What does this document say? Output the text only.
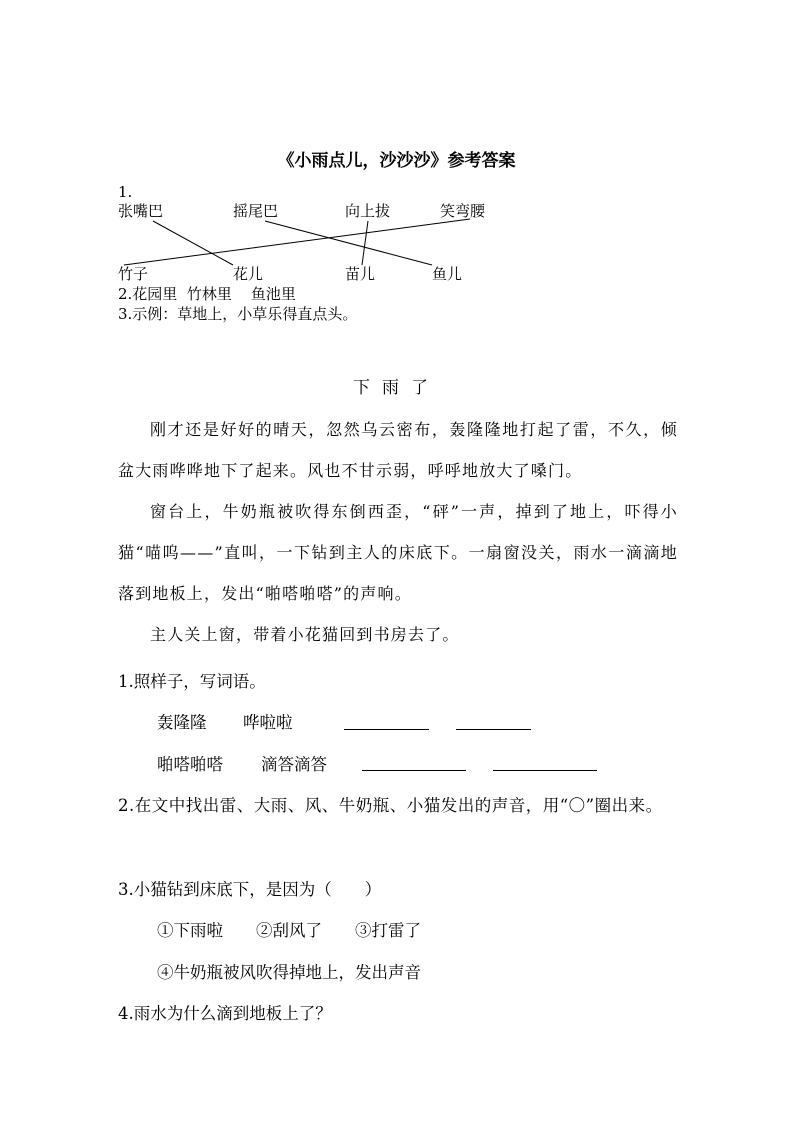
《小雨点儿，沙沙沙》参考答案
1.
张嘴巴	摇尾巴	向上拔	笑弯腰
竹子	花儿	苗儿	鱼儿
2.花园里  竹林里    鱼池里
3.示例：草地上，小草乐得直点头。
下雨了
刚才还是好好的晴天，忽然乌云密布，轰隆隆地打起了雷，不久，倾盆大雨哗哗地下了起来。风也不甘示弱，呼呼地放大了嗓门。
窗台上，牛奶瓶被吹得东倒西歪，“砰”一声，掉到了地上，吓得小猫“喵呜——”直叫，一下钻到主人的床底下。一扇窗没关，雨水一滴滴地落到地板上，发出“啪嗒啪嗒”的声响。
主人关上窗，带着小花猫回到书房去了。
1.照样子，写词语。
轰隆隆 哗啦啦
啪嗒啪嗒 滴答滴答
2.在文中找出雷、大雨、风、牛奶瓶、小猫发出的声音，用“〇”圈出来。
3.小猫钻到床底下，是因为（　　）
①下雨啦　　②刮风了　　③打雷了
④牛奶瓶被风吹得掉地上，发出声音
4.雨水为什么滴到地板上了？
